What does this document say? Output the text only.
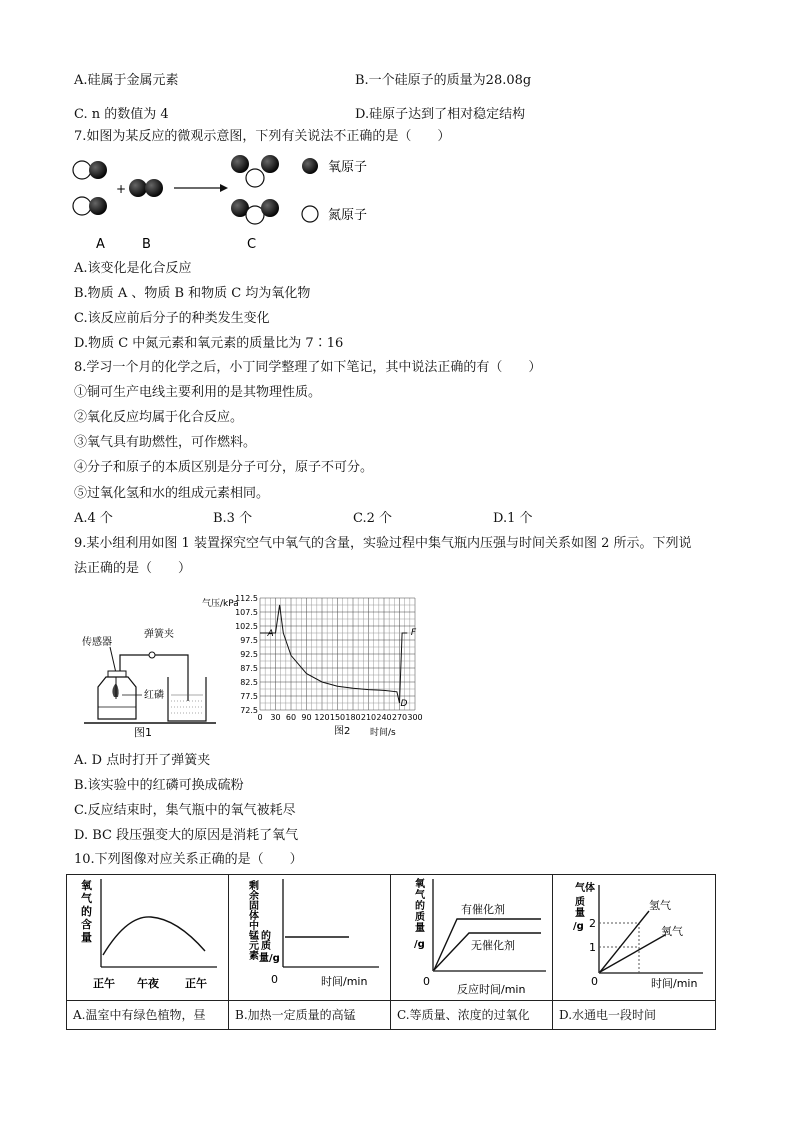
A.硅属于金属元素	B.一个硅原子的质量为28.08g
C. n 的数值为 4	D.硅原子达到了相对稳定结构
7.如图为某反应的微观示意图，下列有关说法不正确的是（　　）
+
A	B	C
氧原子
氮原子
A.该变化是化合反应
B.物质 A 、物质 B 和物质 C 均为氧化物
C.该反应前后分子的种类发生变化
D.物质 C 中氮元素和氧元素的质量比为 7∶16
8.学习一个月的化学之后，小丁同学整理了如下笔记，其中说法正确的有（　　）
①铜可生产电线主要利用的是其物理性质。
②氧化反应均属于化合反应。
③氧气具有助燃性，可作燃料。
④分子和原子的本质区别是分子可分，原子不可分。
⑤过氧化氢和水的组成元素相同。
A.4 个	B.3 个	C.2 个	D.1 个
9.某小组利用如图 1 装置探究空气中氧气的含量，实验过程中集气瓶内压强与时间关系如图 2 所示。下列说
法正确的是（　　）
传感器
弹簧夹
红磷
图1
气压/kPa
时间/s
图2
112.5
107.5
102.5
97.5
92.5
87.5
82.5
77.5
72.5
0 30 60 90 120 150 180 210 240 270 300
A	F
D
A. D 点时打开了弹簧夹
B.该实验中的红磷可换成硫粉
C.反应结束时，集气瓶中的氧气被耗尽
D. BC 段压强变大的原因是消耗了氧气
10.下列图像对应关系正确的是（　　）
氧
气
的
含
量
正午 午夜 正午
剩
余
固
体
中
锰
元
素
的
质
量/g
0	时间/min
氧
气
的
质
量
/g
有催化剂
无催化剂
0
反应时间/min
气 体
质
量
/g 2
1
氢气
氧气
0	时间/min
A.温室中有绿色植物，昼	B.加热一定质量的高锰	C.等质量、浓度的过氧化	D.水通电一段时间
